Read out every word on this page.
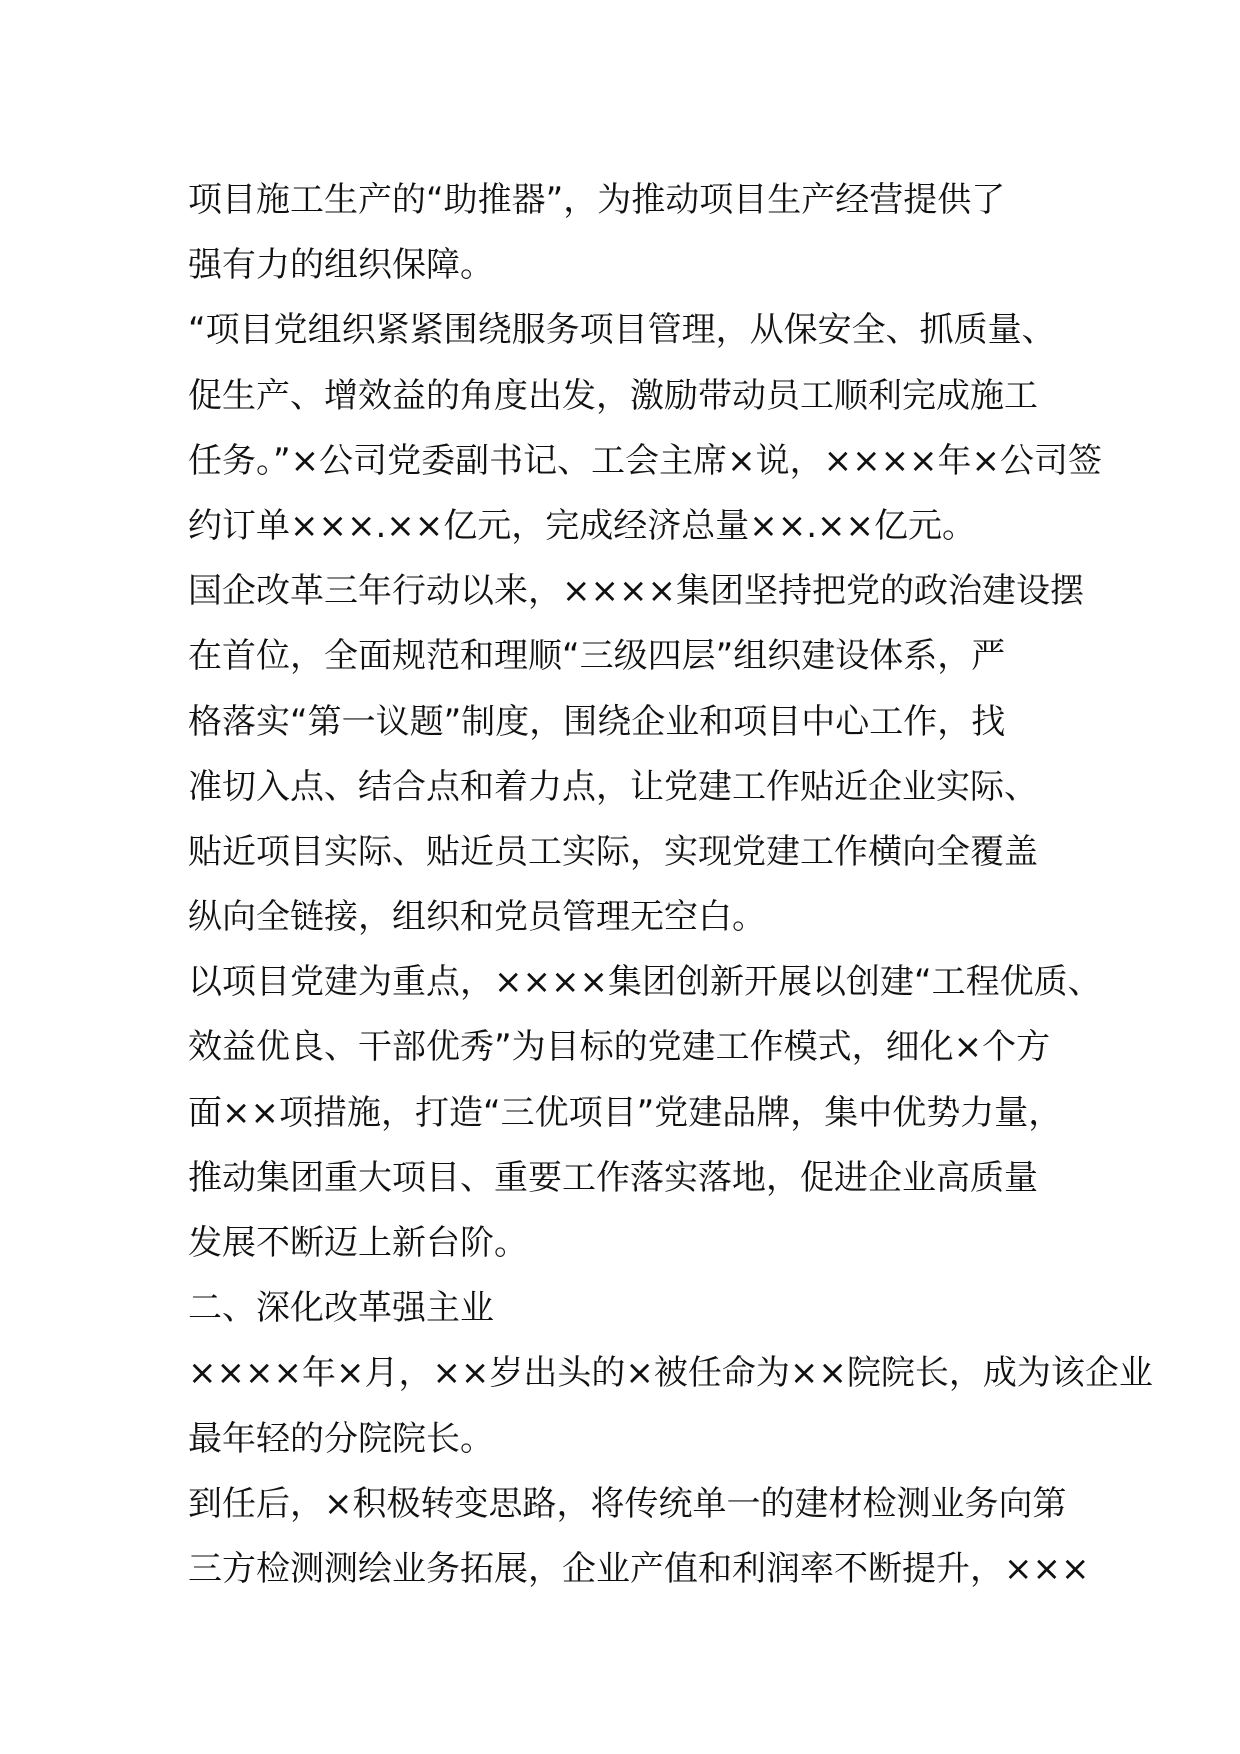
项目施工生产的“助推器”，为推动项目生产经营提供了
强有力的组织保障。
“项目党组织紧紧围绕服务项目管理，从保安全、抓质量、
促生产、增效益的角度出发，激励带动员工顺利完成施工
任务。”×公司党委副书记、工会主席×说，××××年×公司签
约订单×××.××亿元，完成经济总量××.××亿元。
国企改革三年行动以来，××××集团坚持把党的政治建设摆
在首位，全面规范和理顺“三级四层”组织建设体系，严
格落实“第一议题”制度，围绕企业和项目中心工作，找
准切入点、结合点和着力点，让党建工作贴近企业实际、
贴近项目实际、贴近员工实际，实现党建工作横向全覆盖
纵向全链接，组织和党员管理无空白。
以项目党建为重点，××××集团创新开展以创建“工程优质、
效益优良、干部优秀”为目标的党建工作模式，细化×个方
面××项措施，打造“三优项目”党建品牌，集中优势力量，
推动集团重大项目、重要工作落实落地，促进企业高质量
发展不断迈上新台阶。
二、深化改革强主业
××××年×月，××岁出头的×被任命为××院院长，成为该企业
最年轻的分院院长。
到任后，×积极转变思路，将传统单一的建材检测业务向第
三方检测测绘业务拓展，企业产值和利润率不断提升，×××
